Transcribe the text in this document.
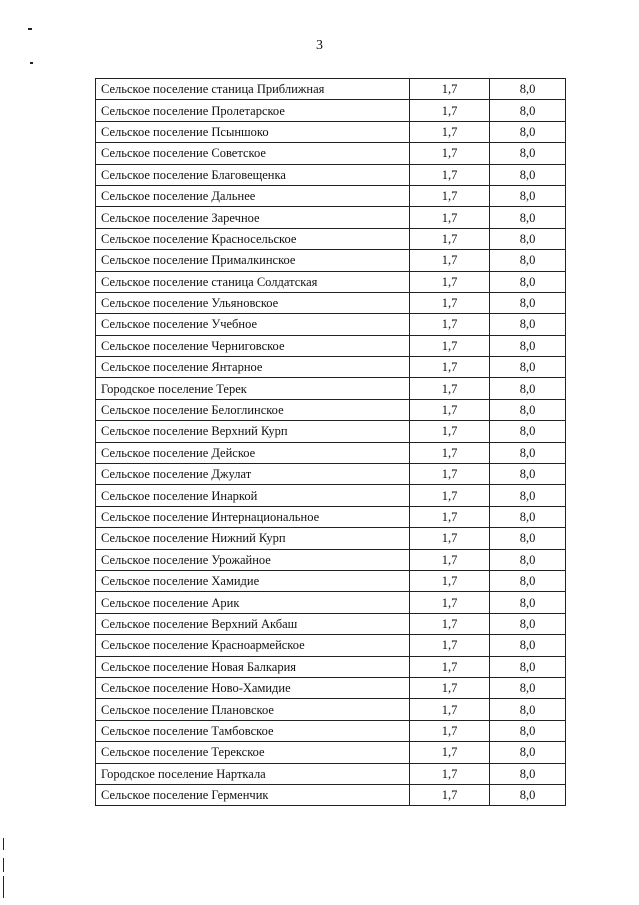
3
Сельское поселение станица Приближная	1,7	8,0
Сельское поселение Пролетарское	1,7	8,0
Сельское поселение Псыншоко	1,7	8,0
Сельское поселение Советское	1,7	8,0
Сельское поселение Благовещенка	1,7	8,0
Сельское поселение Дальнее	1,7	8,0
Сельское поселение Заречное	1,7	8,0
Сельское поселение Красносельское	1,7	8,0
Сельское поселение Прималкинское	1,7	8,0
Сельское поселение станица Солдатская	1,7	8,0
Сельское поселение Ульяновское	1,7	8,0
Сельское поселение Учебное	1,7	8,0
Сельское поселение Черниговское	1,7	8,0
Сельское поселение Янтарное	1,7	8,0
Городское поселение Терек	1,7	8,0
Сельское поселение Белоглинское	1,7	8,0
Сельское поселение Верхний Курп	1,7	8,0
Сельское поселение Дейское	1,7	8,0
Сельское поселение Джулат	1,7	8,0
Сельское поселение Инаркой	1,7	8,0
Сельское поселение Интернациональное	1,7	8,0
Сельское поселение Нижний Курп	1,7	8,0
Сельское поселение Урожайное	1,7	8,0
Сельское поселение Хамидие	1,7	8,0
Сельское поселение Арик	1,7	8,0
Сельское поселение Верхний Акбаш	1,7	8,0
Сельское поселение Красноармейское	1,7	8,0
Сельское поселение Новая Балкария	1,7	8,0
Сельское поселение Ново-Хамидие	1,7	8,0
Сельское поселение Плановское	1,7	8,0
Сельское поселение Тамбовское	1,7	8,0
Сельское поселение Терекское	1,7	8,0
Городское поселение Нарткала	1,7	8,0
Сельское поселение Герменчик	1,7	8,0
